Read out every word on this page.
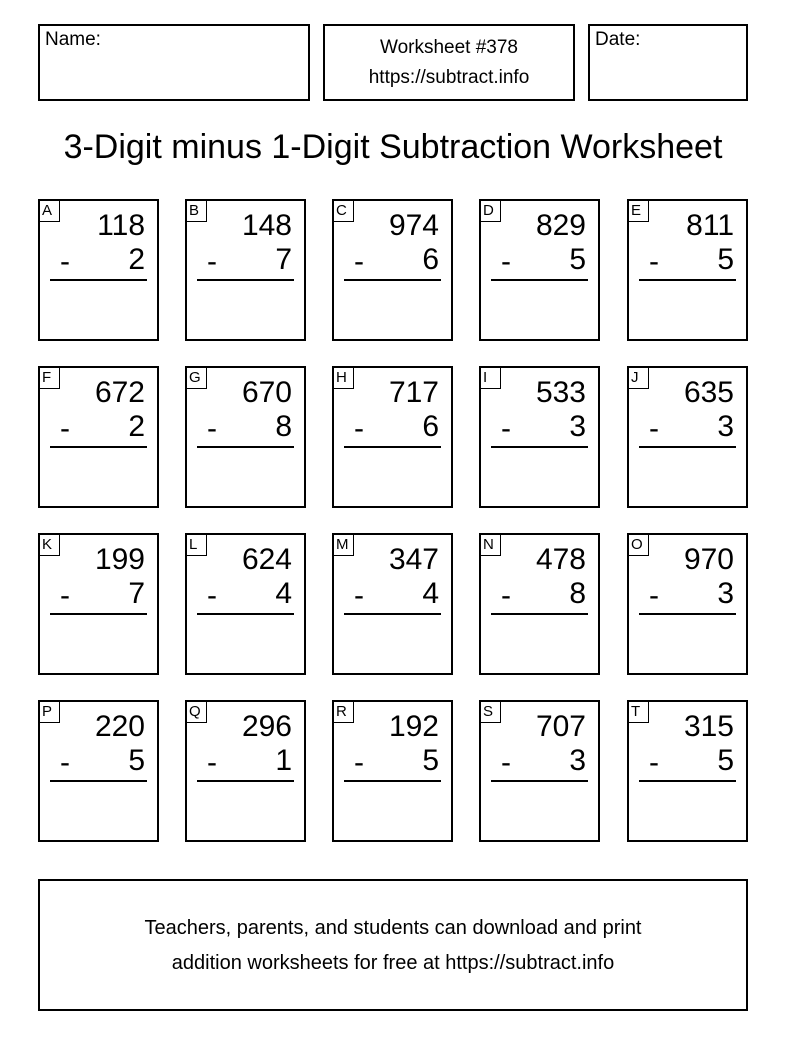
Name:	Worksheet #378
https://subtract.info
Date:
3-Digit minus 1-Digit Subtraction Worksheet
A 118
- 2
B 148
- 7
C 974
- 6
D 829
- 5
E 811
- 5
F 672
- 2
G 670
- 8
H 717
- 6
I	533
- 3
J	635
- 3
K 199
- 7
L	624
- 4
M 347
- 4
N 478
- 8
O 970
- 3
P 220
- 5
Q 296
- 1
R 192
- 5
S 707
- 3
T 315
- 5
Teachers, parents, and students can download and print
addition worksheets for free at https://subtract.info
